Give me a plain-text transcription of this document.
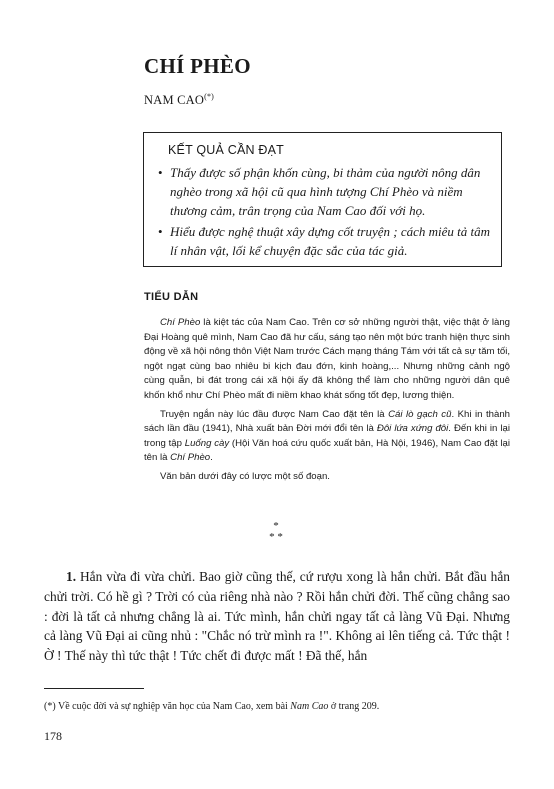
CHÍ PHÈO
NAM CAO(*)
KẾT QUẢ CẦN ĐẠT
• Thấy được số phận khốn cùng, bi thảm của người nông dân nghèo trong xã hội cũ qua hình tượng Chí Phèo và niềm thương cảm, trân trọng của Nam Cao đối với họ.
• Hiểu được nghệ thuật xây dựng cốt truyện ; cách miêu tả tâm lí nhân vật, lối kể chuyện đặc sắc của tác giả.
TIỂU DẪN

Chí Phèo là kiệt tác của Nam Cao. Trên cơ sở những người thật, việc thật ở làng Đại Hoàng quê mình, Nam Cao đã hư cấu, sáng tạo nên một bức tranh hiện thực sinh động về xã hội nông thôn Việt Nam trước Cách mạng tháng Tám với tất cả sự tăm tối, ngột ngạt cùng bao nhiêu bi kịch đau đớn, kinh hoàng,... Nhưng những cảnh ngộ cùng quẫn, bi đát trong cái xã hội ấy đã không thể làm cho những người dân quê khốn khổ như Chí Phèo mất đi niềm khao khát sống tốt đẹp, lương thiện.

Truyện ngắn này lúc đầu được Nam Cao đặt tên là Cái lò gạch cũ. Khi in thành sách lần đầu (1941), Nhà xuất bản Đời mới đổi tên là Đôi lứa xứng đôi. Đến khi in lại trong tập Luống cày (Hội Văn hoá cứu quốc xuất bản, Hà Nội, 1946), Nam Cao đặt lại tên là Chí Phèo.

Văn bản dưới đây có lược một số đoạn.

*
* *

1. Hắn vừa đi vừa chửi. Bao giờ cũng thế, cứ rượu xong là hắn chửi. Bắt đầu hắn chửi trời. Có hề gì ? Trời có của riêng nhà nào ? Rồi hắn chửi đời. Thế cũng chẳng sao : đời là tất cả nhưng chẳng là ai. Tức mình, hắn chửi ngay tất cả làng Vũ Đại. Nhưng cả làng Vũ Đại ai cũng nhủ : "Chắc nó trừ mình ra !". Không ai lên tiếng cả. Tức thật ! Ờ ! Thế này thì tức thật ! Tức chết đi được mất ! Đã thế, hắn

(*) Về cuộc đời và sự nghiệp văn học của Nam Cao, xem bài Nam Cao ở trang 209.
178
